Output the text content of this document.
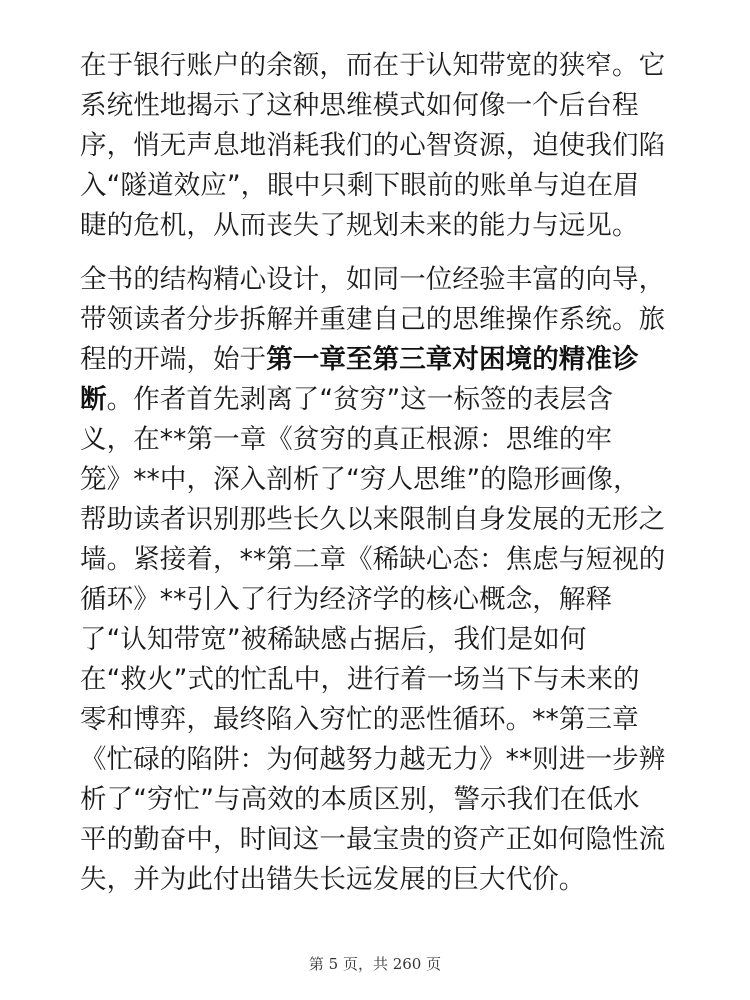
在于银行账户的余额，而在于认知带宽的狭窄。它
系统性地揭示了这种思维模式如何像一个后台程
序，悄无声息地消耗我们的心智资源，迫使我们陷
入“隧道效应”，眼中只剩下眼前的账单与迫在眉
睫的危机，从而丧失了规划未来的能力与远见。
全书的结构精心设计，如同一位经验丰富的向导，
带领读者分步拆解并重建自己的思维操作系统。旅
程的开端，始于第一章至第三章对困境的精准诊
断。作者首先剥离了“贫穷”这一标签的表层含
义，在**第一章《贫穷的真正根源：思维的牢
笼》**中，深入剖析了“穷人思维”的隐形画像，
帮助读者识别那些长久以来限制自身发展的无形之
墙。紧接着，**第二章《稀缺心态：焦虑与短视的
循环》**引入了行为经济学的核心概念，解释
了“认知带宽”被稀缺感占据后，我们是如何
在“救火”式的忙乱中，进行着一场当下与未来的
零和博弈，最终陷入穷忙的恶性循环。**第三章
《忙碌的陷阱：为何越努力越无力》**则进一步辨
析了“穷忙”与高效的本质区别，警示我们在低水
平的勤奋中，时间这一最宝贵的资产正如何隐性流
失，并为此付出错失长远发展的巨大代价。
第 5 页，共 260 页
